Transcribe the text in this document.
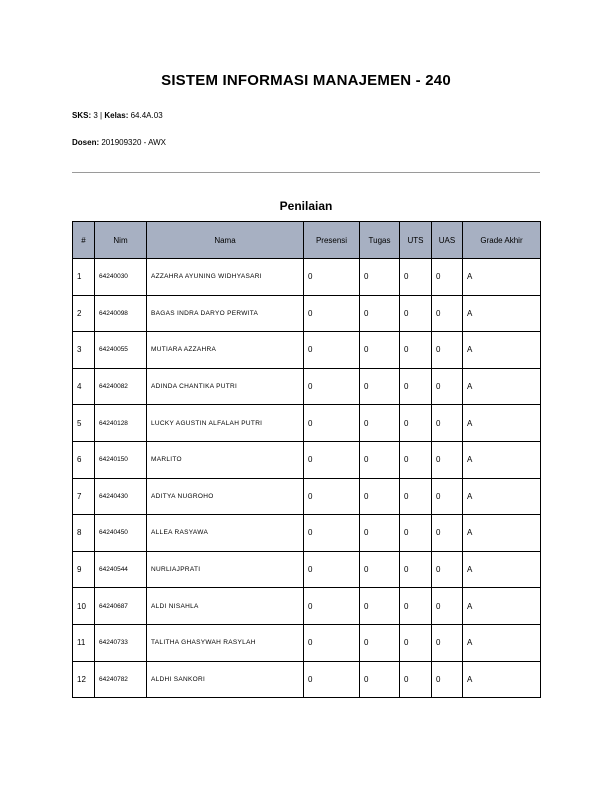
SISTEM INFORMASI MANAJEMEN - 240
SKS: 3 | Kelas: 64.4A.03
Dosen: 201909320 - AWX
Penilaian
#	Nim	Nama	Presensi	Tugas	UTS	UAS	Grade Akhir
1	64240030	AZZAHRA AYUNING WIDHYASARI	0	0	0	0	A
2	64240098	BAGAS INDRA DARYO PERWITA	0	0	0	0	A
3	64240055	MUTIARA AZZAHRA	0	0	0	0	A
4	64240082	ADINDA CHANTIKA PUTRI	0	0	0	0	A
5	64240128	LUCKY AGUSTIN ALFALAH PUTRI	0	0	0	0	A
6	64240150	MARLITO	0	0	0	0	A
7	64240430	ADITYA NUGROHO	0	0	0	0	A
8	64240450	ALLEA RASYAWA	0	0	0	0	A
9	64240544	NURLIAJPRATI	0	0	0	0	A
10	64240687	ALDI NISAHLA	0	0	0	0	A
11	64240733	TALITHA GHASYWAH RASYLAH	0	0	0	0	A
12	64240782	ALDHI SANKORI	0	0	0	0	A
